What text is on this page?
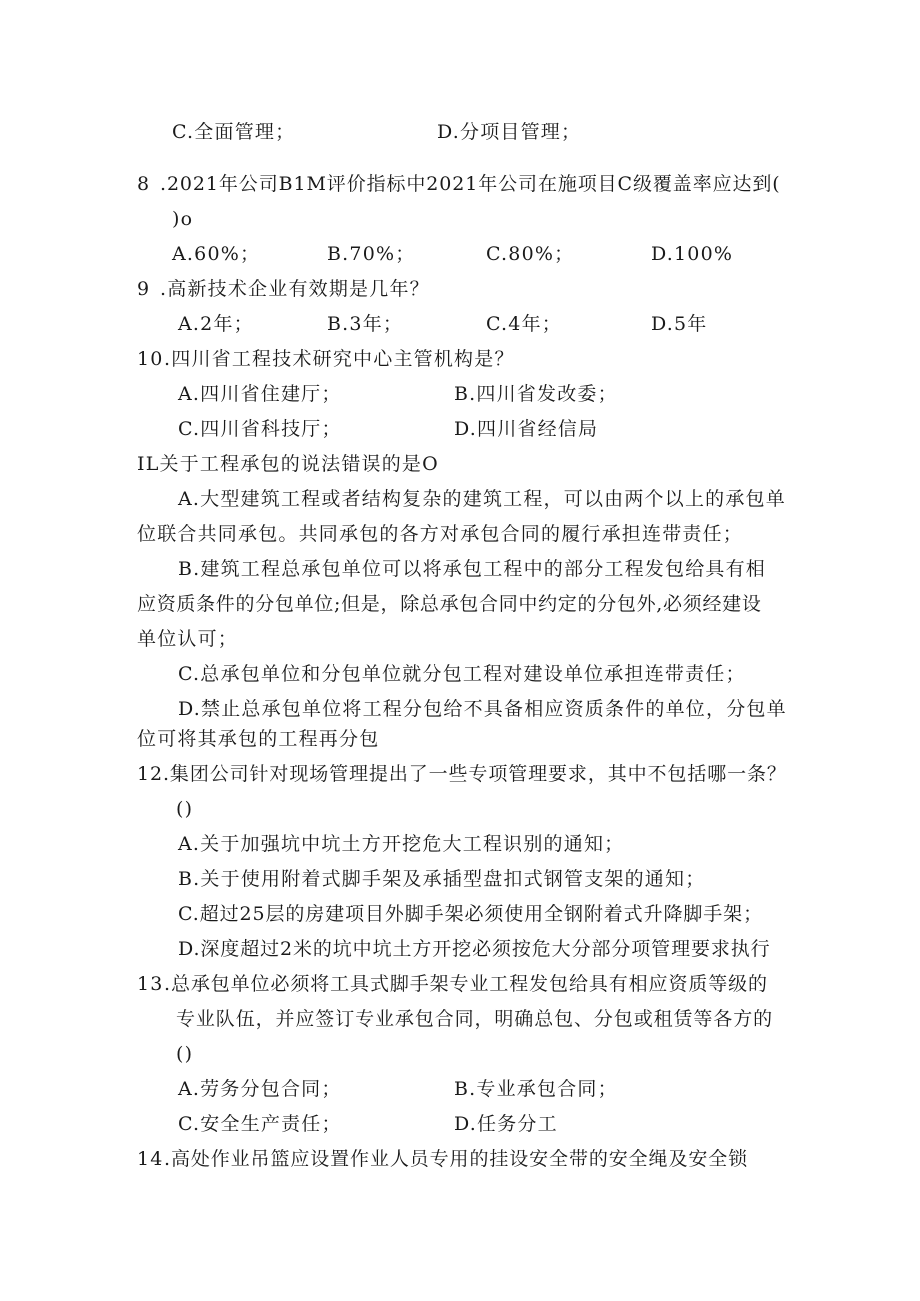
C.全面管理；	D.分项目管理；
8 .2021年公司B1M评价指标中2021年公司在施项目C级覆盖率应达到(
)o
A.60%；	B.70%；	C.80%；	D.100%
9 .高新技术企业有效期是几年？
A.2年；	B.3年；	C.4年；	D.5年
10 .四川省工程技术研究中心主管机构是？
A.四川省住建厅；	B.四川省发改委；
C.四川省科技厅；	D.四川省经信局
IL关于工程承包的说法错误的是O
A.大型建筑工程或者结构复杂的建筑工程，可以由两个以上的承包单
位联合共同承包。共同承包的各方对承包合同的履行承担连带责任；
B.建筑工程总承包单位可以将承包工程中的部分工程发包给具有相
应资质条件的分包单位;但是，除总承包合同中约定的分包外,必须经建设
单位认可；
C.总承包单位和分包单位就分包工程对建设单位承担连带责任；
D.禁止总承包单位将工程分包给不具备相应资质条件的单位，分包单
位可将其承包的工程再分包
12.集团公司针对现场管理提出了一些专项管理要求，其中不包括哪一条？
()
A.关于加强坑中坑土方开挖危大工程识别的通知；
B.关于使用附着式脚手架及承插型盘扣式钢管支架的通知；
C.超过25层的房建项目外脚手架必须使用全钢附着式升降脚手架；
D.深度超过2米的坑中坑土方开挖必须按危大分部分项管理要求执行
13 .总承包单位必须将工具式脚手架专业工程发包给具有相应资质等级的
专业队伍，并应签订专业承包合同，明确总包、分包或租赁等各方的
()
A.劳务分包合同；	B.专业承包合同；
C.安全生产责任；	D.任务分工
14 .高处作业吊篮应设置作业人员专用的挂设安全带的安全绳及安全锁
